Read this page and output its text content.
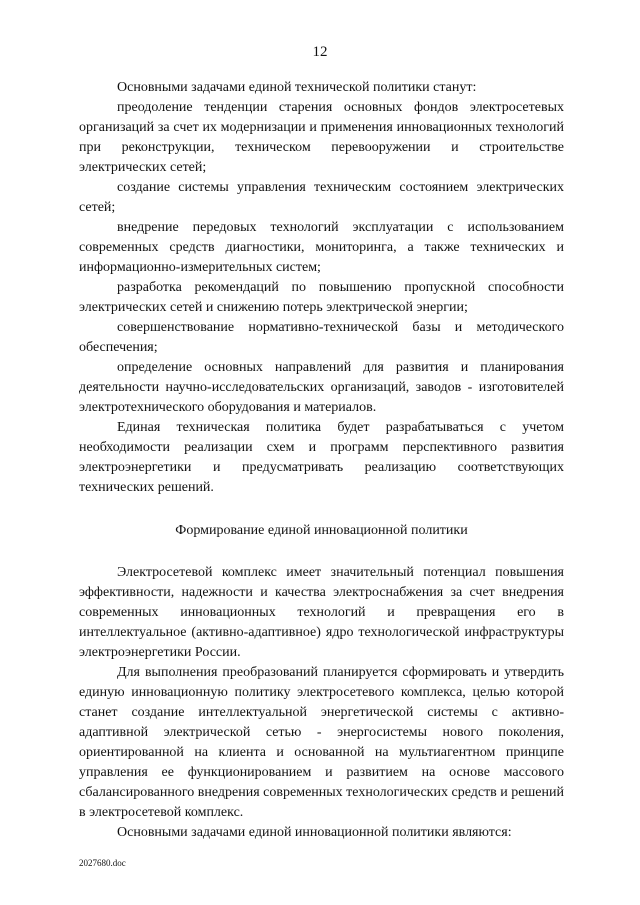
12

Основными задачами единой технической политики станут:

преодоление тенденции старения основных фондов электросетевых организаций за счет их модернизации и применения инновационных технологий при реконструкции, техническом перевооружении и строительстве электрических сетей;

создание системы управления техническим состоянием электрических сетей;

внедрение передовых технологий эксплуатации с использованием современных средств диагностики, мониторинга, а также технических и информационно-измерительных систем;

разработка рекомендаций по повышению пропускной способности электрических сетей и снижению потерь электрической энергии;

совершенствование нормативно-технической базы и методического обеспечения;

определение основных направлений для развития и планирования деятельности научно-исследовательских организаций, заводов - изготовителей электротехнического оборудования и материалов.

Единая техническая политика будет разрабатываться с учетом необходимости реализации схем и программ перспективного развития электроэнергетики и предусматривать реализацию соответствующих технических решений.

Формирование единой инновационной политики

Электросетевой комплекс имеет значительный потенциал повышения эффективности, надежности и качества электроснабжения за счет внедрения современных инновационных технологий и превращения его в интеллектуальное (активно-адаптивное) ядро технологической инфраструктуры электроэнергетики России.

Для выполнения преобразований планируется сформировать и утвердить единую инновационную политику электросетевого комплекса, целью которой станет создание интеллектуальной энергетической системы с активно-адаптивной электрической сетью - энергосистемы нового поколения, ориентированной на клиента и основанной на мультиагентном принципе управления ее функционированием и развитием на основе массового сбалансированного внедрения современных технологических средств и решений в электросетевой комплекс.

Основными задачами единой инновационной политики являются:

2027680.doc
